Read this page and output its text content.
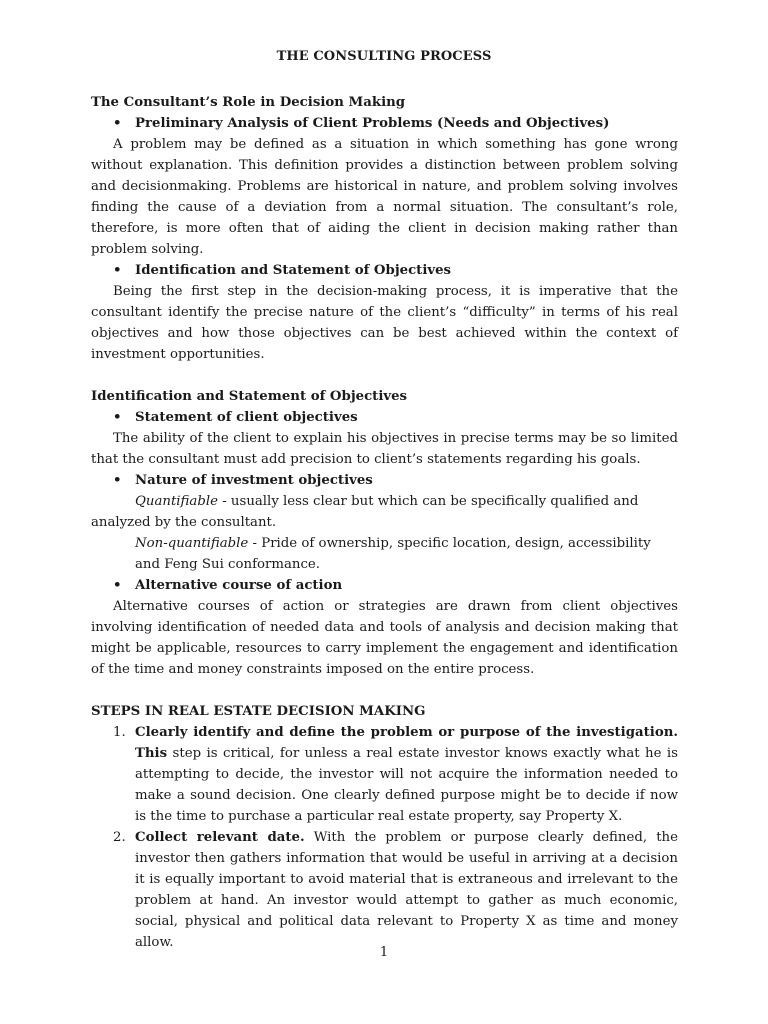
THE CONSULTING PROCESS

The Consultant’s Role in Decision Making

• Preliminary Analysis of Client Problems (Needs and Objectives)

A problem may be defined as a situation in which something has gone wrong without explanation. This definition provides a distinction between problem solving and decisionmaking. Problems are historical in nature, and problem solving involves finding the cause of a deviation from a normal situation. The consultant’s role, therefore, is more often that of aiding the client in decision making rather than problem solving.

• Identification and Statement of Objectives

Being the first step in the decision-making process, it is imperative that the consultant identify the precise nature of the client’s “difficulty” in terms of his real objectives and how those objectives can be best achieved within the context of investment opportunities.

Identification and Statement of Objectives

• Statement of client objectives

The ability of the client to explain his objectives in precise terms may be so limited that the consultant must add precision to client’s statements regarding his goals.

• Nature of investment objectives

Quantifiable - usually less clear but which can be specifically qualified and

analyzed by the consultant.

Non-quantifiable - Pride of ownership, specific location, design, accessibility and Feng Sui conformance.

• Alternative course of action

Alternative courses of action or strategies are drawn from client objectives involving identification of needed data and tools of analysis and decision making that might be applicable, resources to carry implement the engagement and identification of the time and money constraints imposed on the entire process.

STEPS IN REAL ESTATE DECISION MAKING

1. Clearly identify and define the problem or purpose of the investigation. This step is critical, for unless a real estate investor knows exactly what he is attempting to decide, the investor will not acquire the information needed to make a sound decision. One clearly defined purpose might be to decide if now is the time to purchase a particular real estate property, say Property X.
2. Collect relevant date. With the problem or purpose clearly defined, the investor then gathers information that would be useful in arriving at a decision it is equally important to avoid material that is extraneous and irrelevant to the problem at hand. An investor would attempt to gather as much economic, social, physical and political data relevant to Property X as time and money allow.
1
